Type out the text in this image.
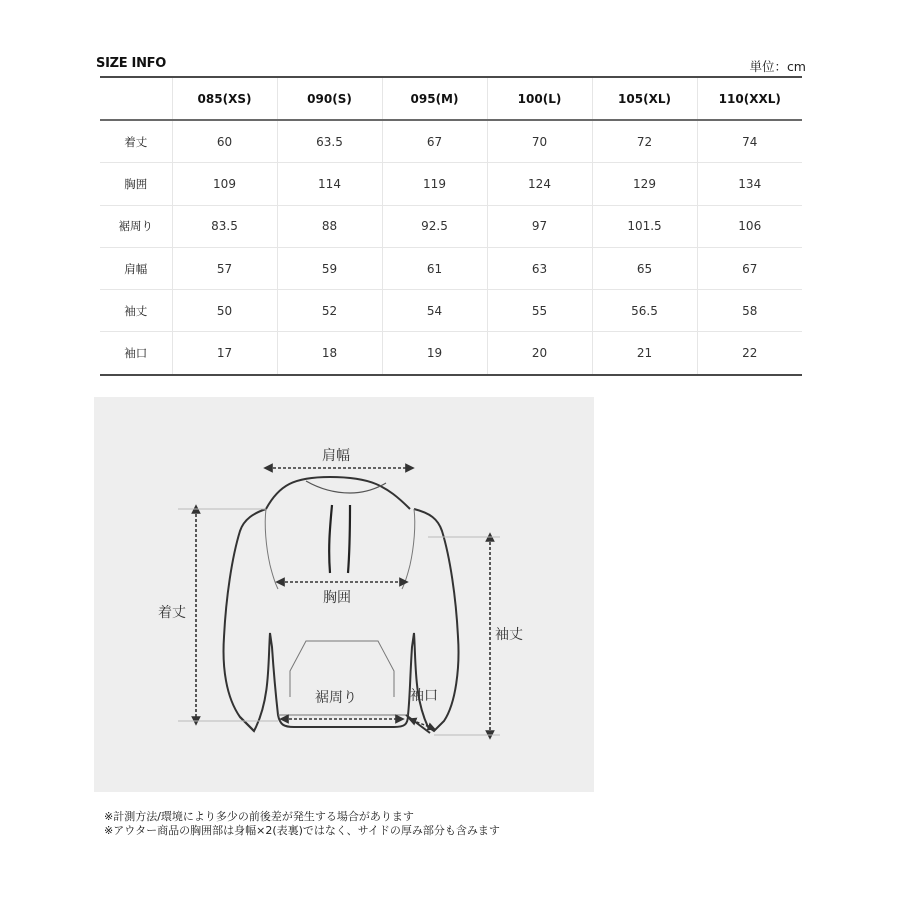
SIZE INFO	単位：cm
	085(XS)	090(S)	095(M)	100(L)	105(XL)	110(XXL)
着丈	60	63.5	67	70	72	74
胸囲	109	114	119	124	129	134
裾周り	83.5	88	92.5	97	101.5	106
肩幅	57	59	61	63	65	67
袖丈	50	52	54	55	56.5	58
袖口	17	18	19	20	21	22
肩幅
胸囲
着丈
袖丈
裾周り	袖口
※計測方法/環境により多少の前後差が発生する場合があります
※アウター商品の胸囲部は身幅×2(表裏)ではなく、サイドの厚み部分も含みます
